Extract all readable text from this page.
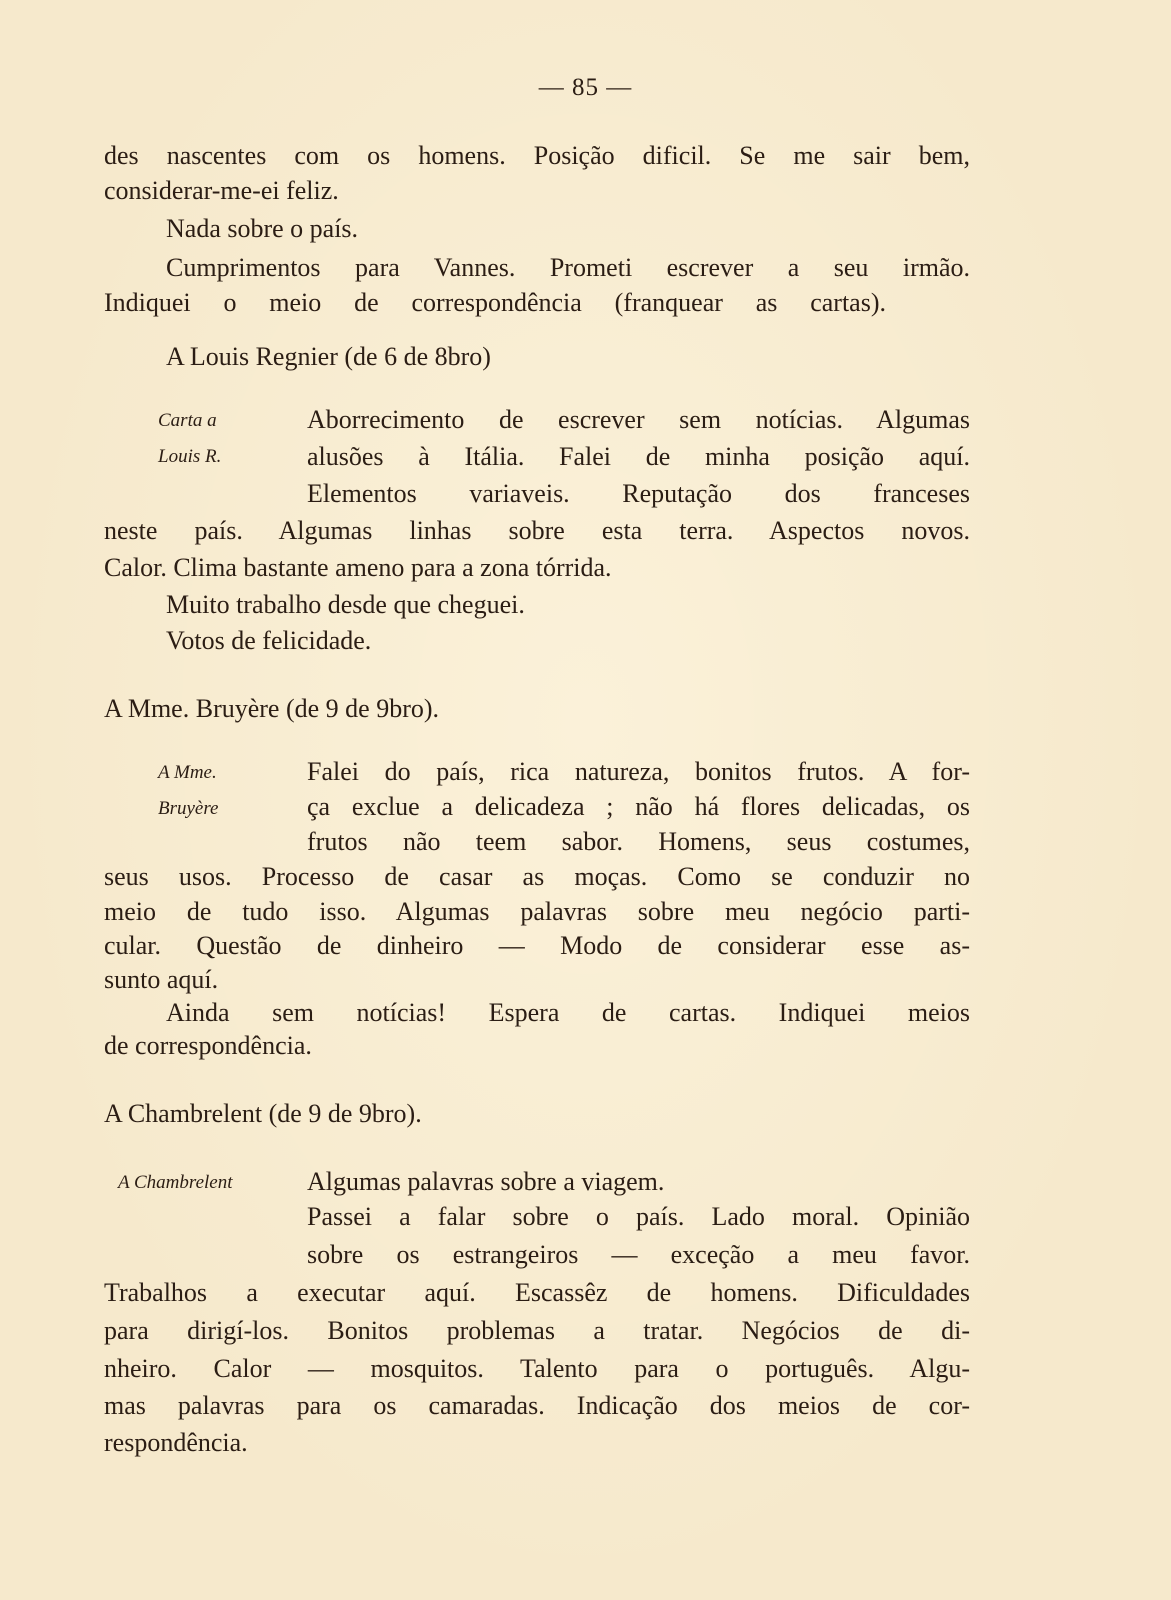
— 85 —
des nascentes com os homens. Posição dificil. Se me sair bem,
considerar-me-ei feliz.
Nada sobre o país.
Cumprimentos para Vannes. Prometi escrever a seu irmão.
Indiquei o meio de correspondência (franquear as cartas).
A Louis Regnier (de 6 de 8bro)
Carta a
Louis R.
Aborrecimento de escrever sem notícias. Algumas
alusões à Itália. Falei de minha posição aquí.
Elementos variaveis. Reputação dos franceses
neste país. Algumas linhas sobre esta terra. Aspectos novos.
Calor. Clima bastante ameno para a zona tórrida.
Muito trabalho desde que cheguei.
Votos de felicidade.
A Mme. Bruyère (de 9 de 9bro).
A Mme.
Bruyère
Falei do país, rica natureza, bonitos frutos. A for-
ça exclue a delicadeza ; não há flores delicadas, os
frutos não teem sabor. Homens, seus costumes,
seus usos. Processo de casar as moças. Como se conduzir no
meio de tudo isso. Algumas palavras sobre meu negócio parti-
cular. Questão de dinheiro — Modo de considerar esse as-
sunto aquí.
Ainda sem notícias! Espera de cartas. Indiquei meios
de correspondência.
A Chambrelent (de 9 de 9bro).
A Chambrelent	Algumas palavras sobre a viagem.
Passei a falar sobre o país. Lado moral. Opinião
sobre os estrangeiros — exceção a meu favor.
Trabalhos a executar aquí. Escassêz de homens. Dificuldades
para dirigí-los. Bonitos problemas a tratar. Negócios de di-
nheiro. Calor — mosquitos. Talento para o português. Algu-
mas palavras para os camaradas. Indicação dos meios de cor-
respondência.
